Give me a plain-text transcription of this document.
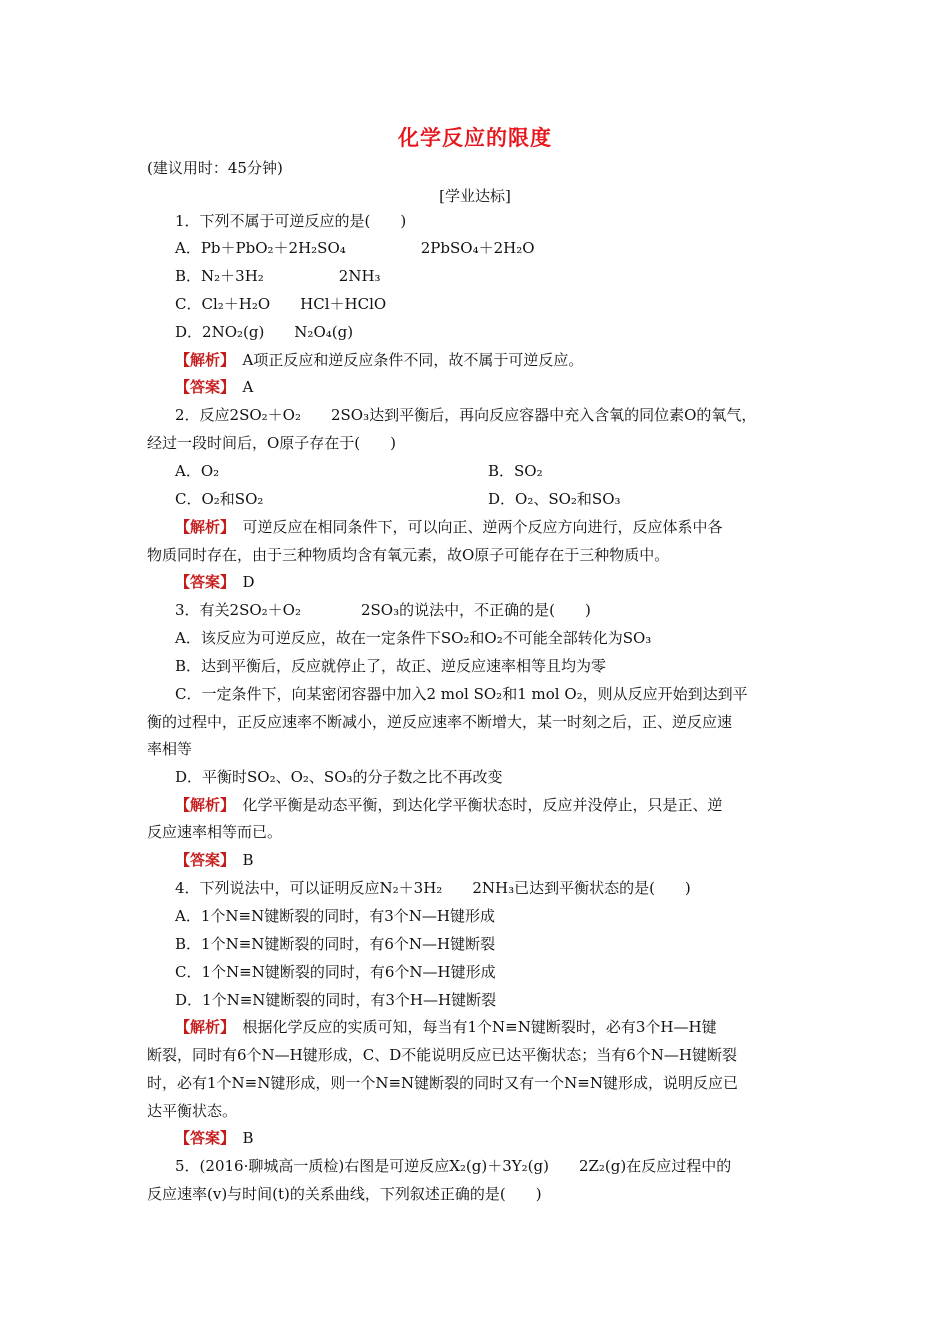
化学反应的限度
(建议用时：45分钟)
[学业达标]
1．下列不属于可逆反应的是(　　)
A．Pb＋PbO₂＋2H₂SO₄　　　　　2PbSO₄＋2H₂O
B．N₂＋3H₂　　　　　2NH₃
C．Cl₂＋H₂O　　HCl＋HClO
D．2NO₂(g)　　N₂O₄(g)
【解析】　A项正反应和逆反应条件不同，故不属于可逆反应。
【答案】　A
2．反应2SO₂＋O₂　　2SO₃达到平衡后，再向反应容器中充入含氧的同位素O的氧气，
经过一段时间后，O原子存在于(　　)
A．O₂	B．SO₂
C．O₂和SO₂	D．O₂、SO₂和SO₃
【解析】　可逆反应在相同条件下，可以向正、逆两个反应方向进行，反应体系中各
物质同时存在，由于三种物质均含有氧元素，故O原子可能存在于三种物质中。
【答案】　D
3．有关2SO₂＋O₂　　　　2SO₃的说法中，不正确的是(　　)
A．该反应为可逆反应，故在一定条件下SO₂和O₂不可能全部转化为SO₃
B．达到平衡后，反应就停止了，故正、逆反应速率相等且均为零
C．一定条件下，向某密闭容器中加入2 mol SO₂和1 mol O₂，则从反应开始到达到平
衡的过程中，正反应速率不断减小，逆反应速率不断增大，某一时刻之后，正、逆反应速
率相等
D．平衡时SO₂、O₂、SO₃的分子数之比不再改变
【解析】　化学平衡是动态平衡，到达化学平衡状态时，反应并没停止，只是正、逆
反应速率相等而已。
【答案】　B
4．下列说法中，可以证明反应N₂＋3H₂　　2NH₃已达到平衡状态的是(　　)
A．1个N≡N键断裂的同时，有3个N—H键形成
B．1个N≡N键断裂的同时，有6个N—H键断裂
C．1个N≡N键断裂的同时，有6个N—H键形成
D．1个N≡N键断裂的同时，有3个H—H键断裂
【解析】　根据化学反应的实质可知，每当有1个N≡N键断裂时，必有3个H—H键
断裂，同时有6个N—H键形成，C、D不能说明反应已达平衡状态；当有6个N—H键断裂
时，必有1个N≡N键形成，则一个N≡N键断裂的同时又有一个N≡N键形成，说明反应已
达平衡状态。
【答案】　B
5．(2016·聊城高一质检)右图是可逆反应X₂(g)＋3Y₂(g)　　2Z₂(g)在反应过程中的
反应速率(v)与时间(t)的关系曲线，下列叙述正确的是(　　)
